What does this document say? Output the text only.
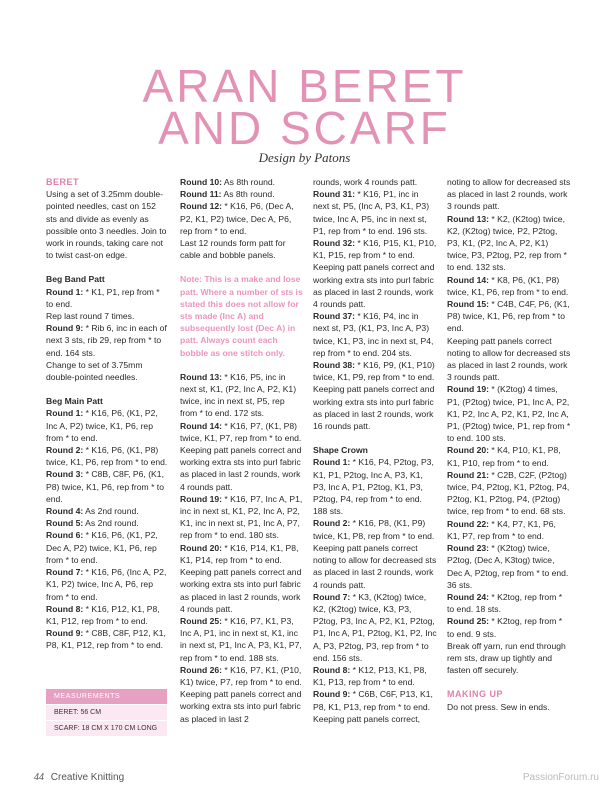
ARAN BERET
AND SCARF
Design by Patons

BERET

Using a set of 3.25mm double-pointed needles, cast on 152 sts and divide as evenly as possible onto 3 needles. Join to work in rounds, taking care not to twist cast-on edge.

Beg Band Patt

Round 1: * K1, P1, rep from * to end.

Rep last round 7 times.

Round 9: * Rib 6, inc in each of next 3 sts, rib 29, rep from * to end. 164 sts.

Change to set of 3.75mm double-pointed needles.

Beg Main Patt

Round 1: * K16, P6, (K1, P2, Inc A, P2) twice, K1, P6, rep from * to end.

Round 2: * K16, P6, (K1, P8) twice, K1, P6, rep from * to end.

Round 3: * C8B, C8F, P6, (K1, P8) twice, K1, P6, rep from * to end.

Round 4: As 2nd round.

Round 5: As 2nd round.

Round 6: * K16, P6, (K1, P2, Dec A, P2) twice, K1, P6, rep from * to end.

Round 7: * K16, P6, (Inc A, P2, K1, P2) twice, Inc A, P6, rep from * to end.

Round 8: * K16, P12, K1, P8, K1, P12, rep from * to end.

Round 9: * C8B, C8F, P12, K1, P8, K1, P12, rep from * to end.

MEASUREMENTS
BERET: 56 CM
SCARF: 18 CM X 170 CM LONG

Round 10: As 8th round.

Round 11: As 8th round.

Round 12: * K16, P6, (Dec A, P2, K1, P2) twice, Dec A, P6, rep from * to end.

Last 12 rounds form patt for cable and bobble panels.

Note: This is a make and lose patt. Where a number of sts is stated this does not allow for sts made (Inc A) and subsequently lost (Dec A) in patt. Always count each bobble as one stitch only.

Round 13: * K16, P5, inc in next st, K1, (P2, Inc A, P2, K1) twice, inc in next st, P5, rep from * to end. 172 sts.

Round 14: * K16, P7, (K1, P8) twice, K1, P7, rep from * to end.

Keeping patt panels correct and working extra sts into purl fabric as placed in last 2 rounds, work 4 rounds patt.

Round 19: * K16, P7, Inc A, P1, inc in next st, K1, P2, Inc A, P2, K1, inc in next st, P1, Inc A, P7, rep from * to end. 180 sts.

Round 20: * K16, P14, K1, P8, K1, P14, rep from * to end.

Keeping patt panels correct and working extra sts into purl fabric as placed in last 2 rounds, work 4 rounds patt.

Round 25: * K16, P7, K1, P3, Inc A, P1, inc in next st, K1, inc in next st, P1, Inc A, P3, K1, P7, rep from * to end. 188 sts.

Round 26: * K16, P7, K1, (P10, K1) twice, P7, rep from * to end.

Keeping patt panels correct and working extra sts into purl fabric as placed in last 2

rounds, work 4 rounds patt.

Round 31: * K16, P1, inc in next st, P5, (Inc A, P3, K1, P3) twice, Inc A, P5, inc in next st, P1, rep from * to end. 196 sts.

Round 32: * K16, P15, K1, P10, K1, P15, rep from * to end.

Keeping patt panels correct and working extra sts into purl fabric as placed in last 2 rounds, work 4 rounds patt.

Round 37: * K16, P4, inc in next st, P3, (K1, P3, Inc A, P3) twice, K1, P3, inc in next st, P4, rep from * to end. 204 sts.

Round 38: * K16, P9, (K1, P10) twice, K1, P9, rep from * to end.

Keeping patt panels correct and working extra sts into purl fabric as placed in last 2 rounds, work 16 rounds patt.

Shape Crown

Round 1: * K16, P4, P2tog, P3, K1, P1, P2tog, Inc A, P3, K1, P3, Inc A, P1, P2tog, K1, P3, P2tog, P4, rep from * to end. 188 sts.

Round 2: * K16, P8, (K1, P9) twice, K1, P8, rep from * to end.

Keeping patt panels correct noting to allow for decreased sts as placed in last 2 rounds, work 4 rounds patt.

Round 7: * K3, (K2tog) twice, K2, (K2tog) twice, K3, P3, P2tog, P3, Inc A, P2, K1, P2tog, P1, Inc A, P1, P2tog, K1, P2, Inc A, P3, P2tog, P3, rep from * to end. 156 sts.

Round 8: * K12, P13, K1, P8, K1, P13, rep from * to end.

Round 9: * C6B, C6F, P13, K1, P8, K1, P13, rep from * to end.

Keeping patt panels correct,

noting to allow for decreased sts as placed in last 2 rounds, work 3 rounds patt.

Round 13: * K2, (K2tog) twice, K2, (K2tog) twice, P2, P2tog, P3, K1, (P2, Inc A, P2, K1) twice, P3, P2tog, P2, rep from * to end. 132 sts.

Round 14: * K8, P6, (K1, P8) twice, K1, P6, rep from * to end.

Round 15: * C4B, C4F, P6, (K1, P8) twice, K1, P6, rep from * to end.

Keeping patt panels correct noting to allow for decreased sts as placed in last 2 rounds, work 3 rounds patt.

Round 19: * (K2tog) 4 times, P1, (P2tog) twice, P1, Inc A, P2, K1, P2, Inc A, P2, K1, P2, Inc A, P1, (P2tog) twice, P1, rep from * to end. 100 sts.

Round 20: * K4, P10, K1, P8, K1, P10, rep from * to end.

Round 21: * C2B, C2F, (P2tog) twice, P4, P2tog, K1, P2tog, P4, P2tog, K1, P2tog, P4, (P2tog) twice, rep from * to end. 68 sts.

Round 22: * K4, P7, K1, P6, K1, P7, rep from * to end.

Round 23: * (K2tog) twice, P2tog, (Dec A, K3tog) twice, Dec A, P2tog, rep from * to end. 36 sts.

Round 24: * K2tog, rep from * to end. 18 sts.

Round 25: * K2tog, rep from * to end. 9 sts.

Break off yarn, run end through rem sts, draw up tightly and fasten off securely.

MAKING UP

Do not press. Sew in ends.

44 Creative Knitting	PassionForum.ru
